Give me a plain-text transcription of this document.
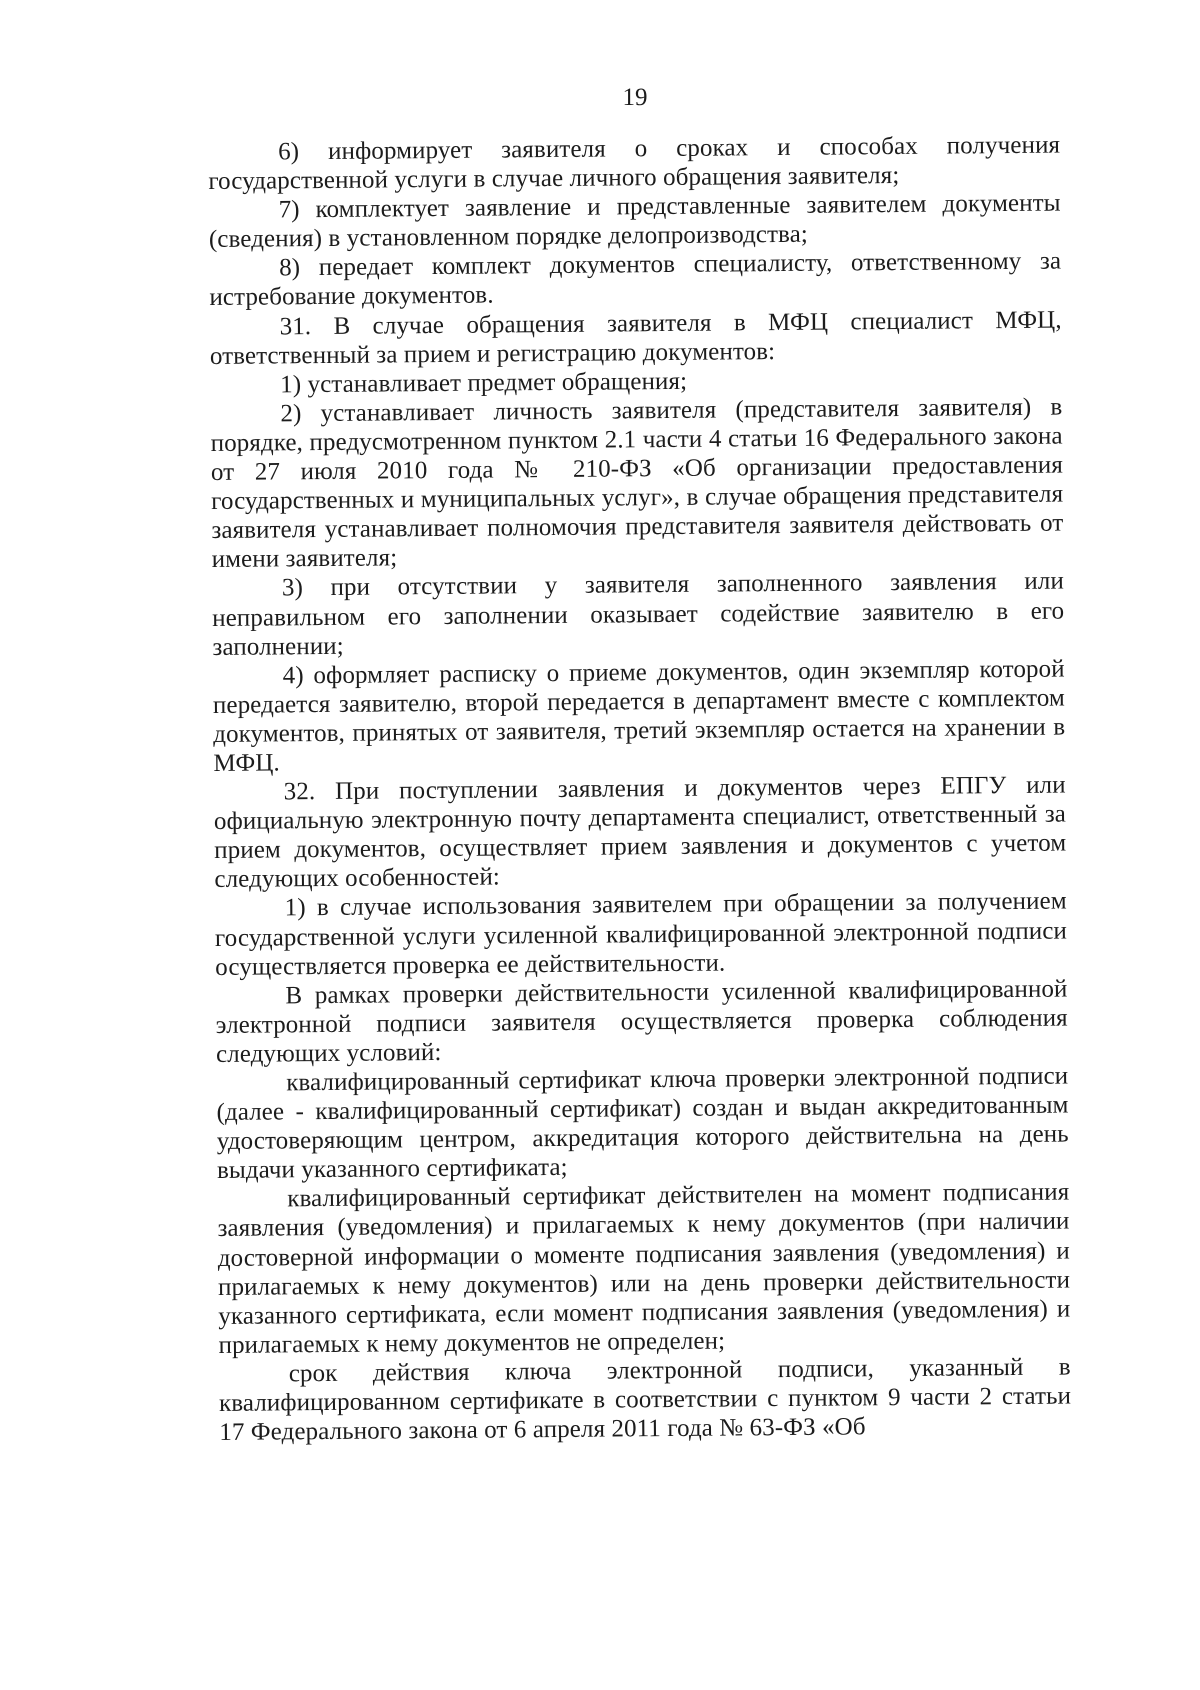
19

6) информирует заявителя о сроках и способах получения государственной услуги в случае личного обращения заявителя;

7) комплектует заявление и представленные заявителем документы (сведения) в установленном порядке делопроизводства;

8) передает комплект документов специалисту, ответственному за истребование документов.

31. В случае обращения заявителя в МФЦ специалист МФЦ, ответственный за прием и регистрацию документов:

1) устанавливает предмет обращения;

2) устанавливает личность заявителя (представителя заявителя) в порядке, предусмотренном пунктом 2.1 части 4 статьи 16 Федерального закона от 27 июля 2010 года № 210-ФЗ «Об организации предоставления государственных и муниципальных услуг», в случае обращения представителя заявителя устанавливает полномочия представителя заявителя действовать от имени заявителя;

3) при отсутствии у заявителя заполненного заявления или неправильном его заполнении оказывает содействие заявителю в его заполнении;

4) оформляет расписку о приеме документов, один экземпляр которой передается заявителю, второй передается в департамент вместе с комплектом документов, принятых от заявителя, третий экземпляр остается на хранении в МФЦ.

32. При поступлении заявления и документов через ЕПГУ или официальную электронную почту департамента специалист, ответственный за прием документов, осуществляет прием заявления и документов с учетом следующих особенностей:

1) в случае использования заявителем при обращении за получением государственной услуги усиленной квалифицированной электронной подписи осуществляется проверка ее действительности.

В рамках проверки действительности усиленной квалифицированной электронной подписи заявителя осуществляется проверка соблюдения следующих условий:

квалифицированный сертификат ключа проверки электронной подписи (далее - квалифицированный сертификат) создан и выдан аккредитованным удостоверяющим центром, аккредитация которого действительна на день выдачи указанного сертификата;

квалифицированный сертификат действителен на момент подписания заявления (уведомления) и прилагаемых к нему документов (при наличии достоверной информации о моменте подписания заявления (уведомления) и прилагаемых к нему документов) или на день проверки действительности указанного сертификата, если момент подписания заявления (уведомления) и прилагаемых к нему документов не определен;

срок действия ключа электронной подписи, указанный в квалифицированном сертификате в соответствии с пунктом 9 части 2 статьи 17 Федерального закона от 6 апреля 2011 года № 63-ФЗ «Об
